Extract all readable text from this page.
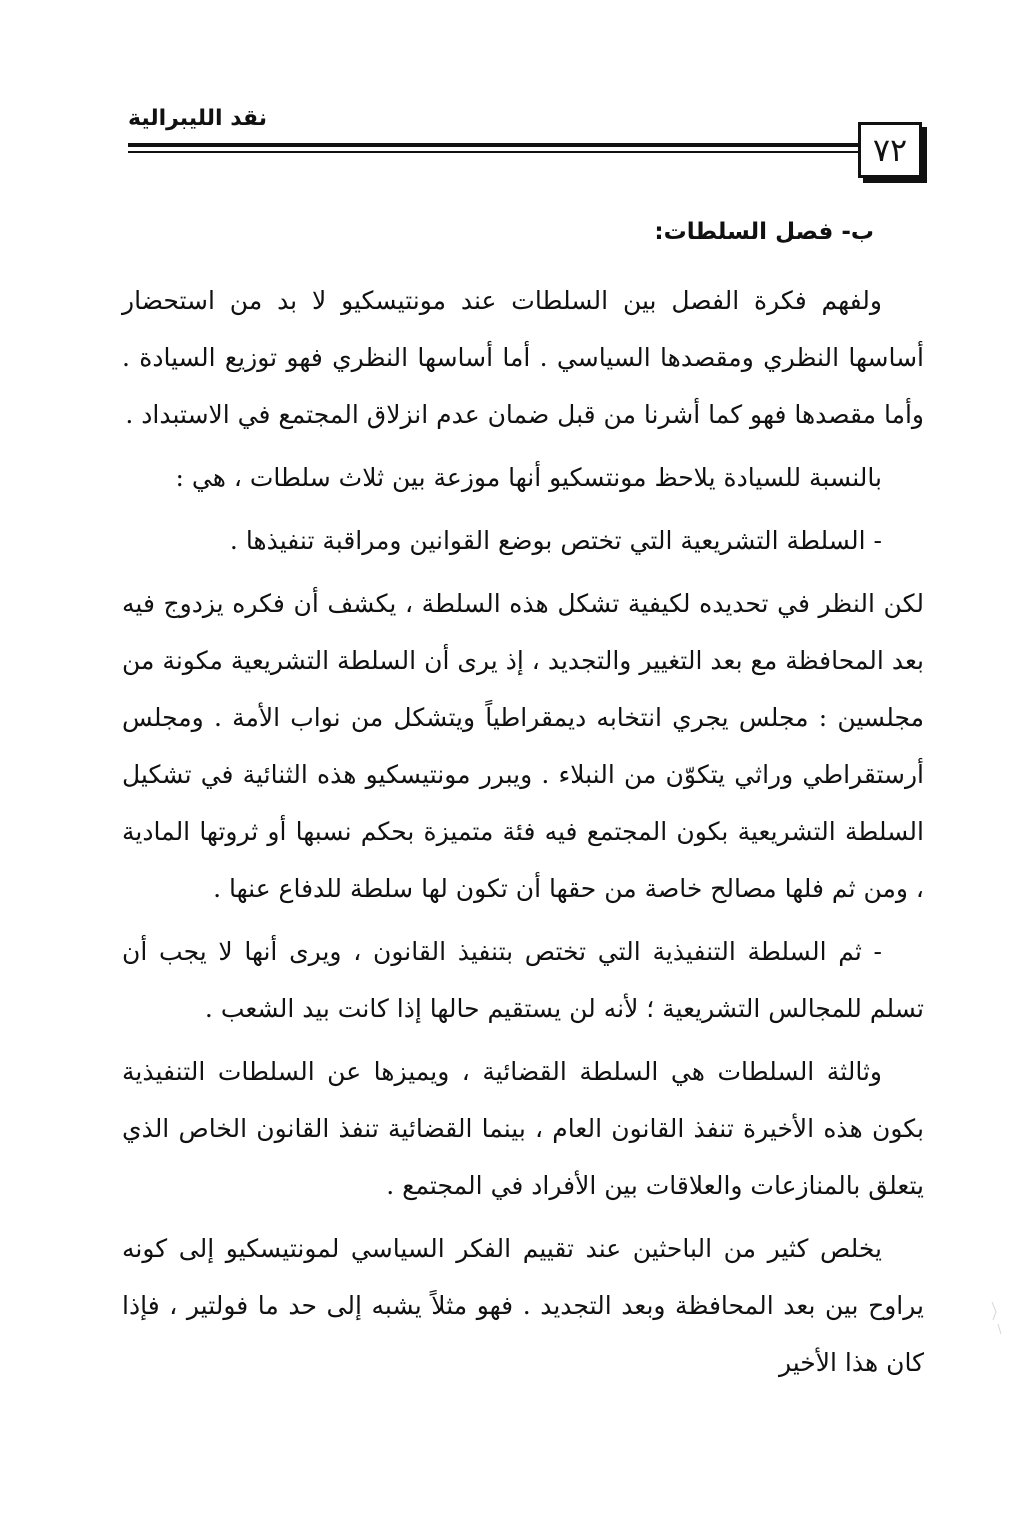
نقد الليبرالية
٧٢
ب- فصل السلطات:

ولفهم فكرة الفصل بين السلطات عند مونتيسكيو لا بد من استحضار أساسها النظري ومقصدها السياسي . أما أساسها النظري فهو توزيع السيادة . وأما مقصدها فهو كما أشرنا من قبل ضمان عدم انزلاق المجتمع في الاستبداد .

بالنسبة للسيادة يلاحظ مونتسكيو أنها موزعة بين ثلاث سلطات ، هي :

- السلطة التشريعية التي تختص بوضع القوانين ومراقبة تنفيذها .

لكن النظر في تحديده لكيفية تشكل هذه السلطة ، يكشف أن فكره يزدوج فيه بعد المحافظة مع بعد التغيير والتجديد ، إذ يرى أن السلطة التشريعية مكونة من مجلسين : مجلس يجري انتخابه ديمقراطياً ويتشكل من نواب الأمة . ومجلس أرستقراطي وراثي يتكوّن من النبلاء . ويبرر مونتيسكيو هذه الثنائية في تشكيل السلطة التشريعية بكون المجتمع فيه فئة متميزة بحكم نسبها أو ثروتها المادية ، ومن ثم فلها مصالح خاصة من حقها أن تكون لها سلطة للدفاع عنها .

- ثم السلطة التنفيذية التي تختص بتنفيذ القانون ، ويرى أنها لا يجب أن تسلم للمجالس التشريعية ؛ لأنه لن يستقيم حالها إذا كانت بيد الشعب .

وثالثة السلطات هي السلطة القضائية ، ويميزها عن السلطات التنفيذية بكون هذه الأخيرة تنفذ القانون العام ، بينما القضائية تنفذ القانون الخاص الذي يتعلق بالمنازعات والعلاقات بين الأفراد في المجتمع .

يخلص كثير من الباحثين عند تقييم الفكر السياسي لمونتيسكيو إلى كونه يراوح بين بعد المحافظة وبعد التجديد . فهو مثلاً يشبه إلى حد ما فولتير ، فإذا كان هذا الأخير
